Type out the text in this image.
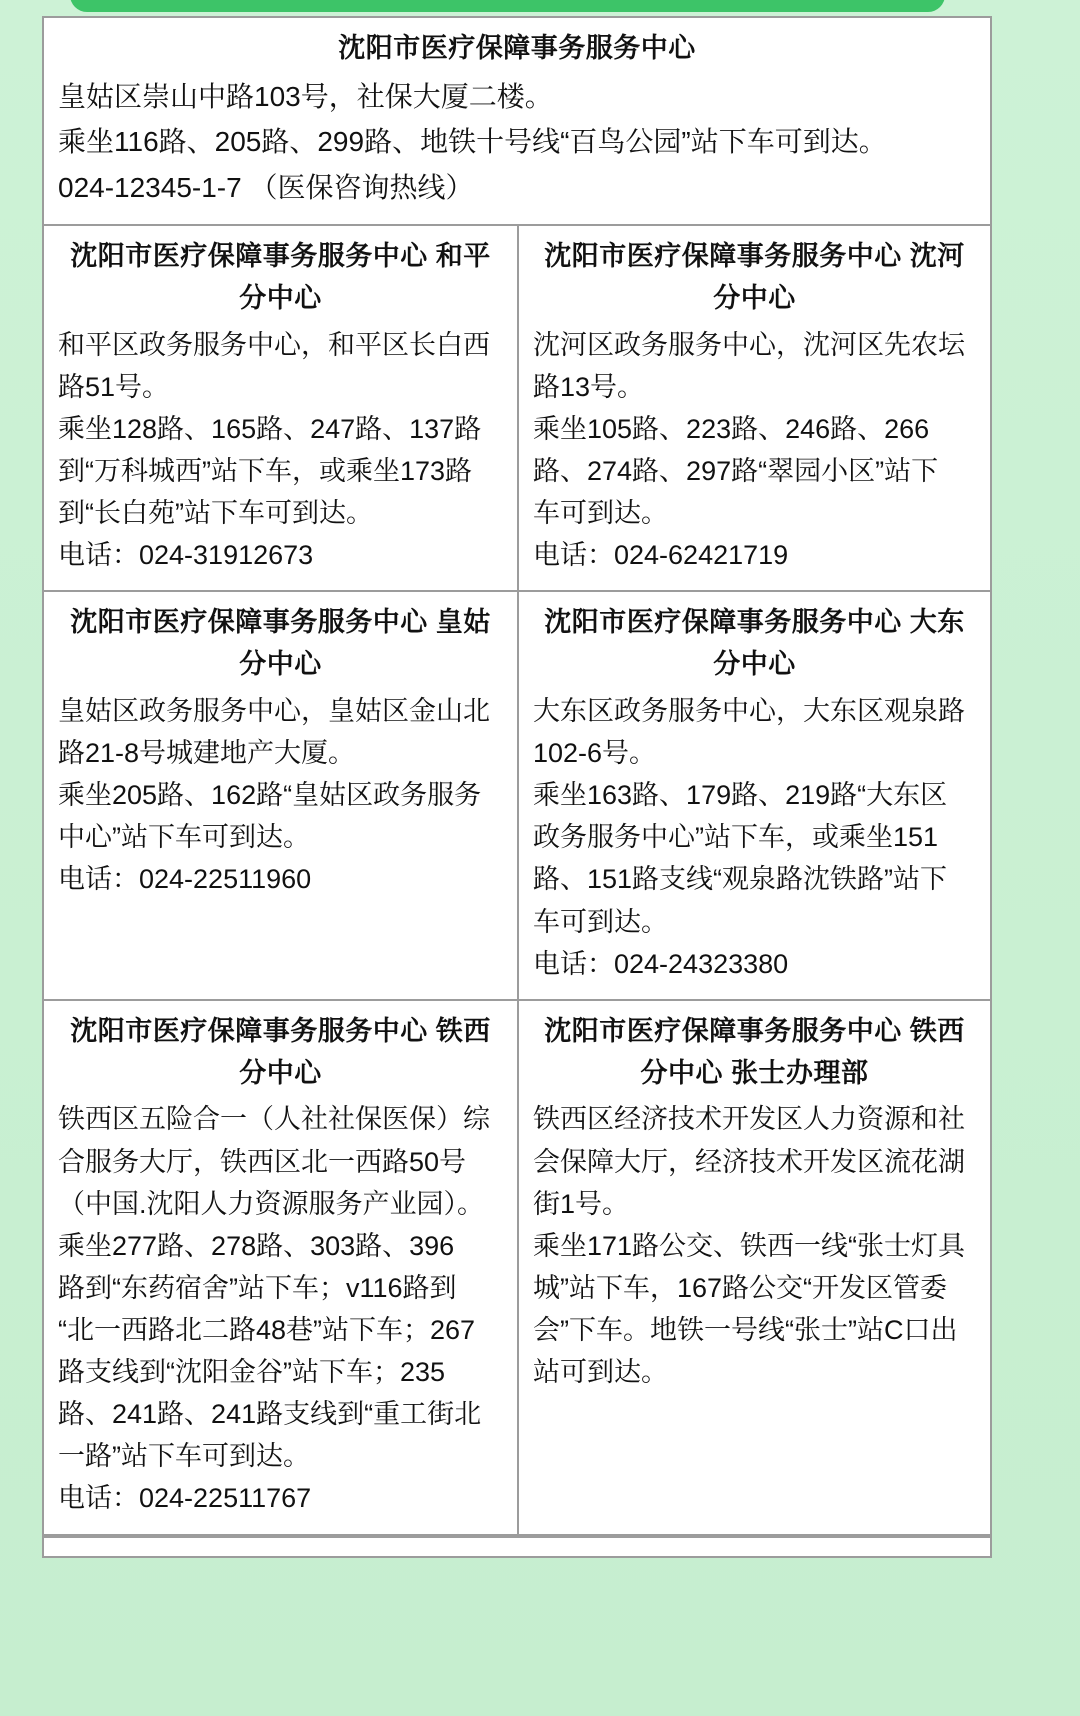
沈阳市医疗保障事务服务中心
皇姑区崇山中路103号，社保大厦二楼。
乘坐116路、205路、299路、地铁十号线“百鸟公园”站下车可到达。
024-12345-1-7 （医保咨询热线）
沈阳市医疗保障事务服务中心 和平分中心
和平区政务服务中心，和平区长白西
路51号。
乘坐128路、165路、247路、137路
到“万科城西”站下车，或乘坐173路
到“长白苑”站下车可到达。
电话：024-31912673
沈阳市医疗保障事务服务中心 沈河分中心
沈河区政务服务中心，沈河区先农坛
路13号。
乘坐105路、223路、246路、266
路、274路、297路“翠园小区”站下
车可到达。
电话：024-62421719
沈阳市医疗保障事务服务中心 皇姑分中心
皇姑区政务服务中心，皇姑区金山北
路21-8号城建地产大厦。
乘坐205路、162路“皇姑区政务服务
中心”站下车可到达。
电话：024-22511960
沈阳市医疗保障事务服务中心 大东分中心
大东区政务服务中心，大东区观泉路
102-6号。
乘坐163路、179路、219路“大东区
政务服务中心”站下车，或乘坐151
路、151路支线“观泉路沈铁路”站下
车可到达。
电话：024-24323380
沈阳市医疗保障事务服务中心 铁西分中心
铁西区五险合一（人社社保医保）综
合服务大厅，铁西区北一西路50号
（中国.沈阳人力资源服务产业园）。
乘坐277路、278路、303路、396
路到“东药宿舍”站下车；v116路到
“北一西路北二路48巷”站下车；267
路支线到“沈阳金谷”站下车；235
路、241路、241路支线到“重工街北
一路”站下车可到达。
电话：024-22511767
沈阳市医疗保障事务服务中心 铁西分中心 张士办理部
铁西区经济技术开发区人力资源和社
会保障大厅，经济技术开发区流花湖
街1号。
乘坐171路公交、铁西一线“张士灯具
城”站下车，167路公交“开发区管委
会”下车。地铁一号线“张士”站C口出
站可到达。
